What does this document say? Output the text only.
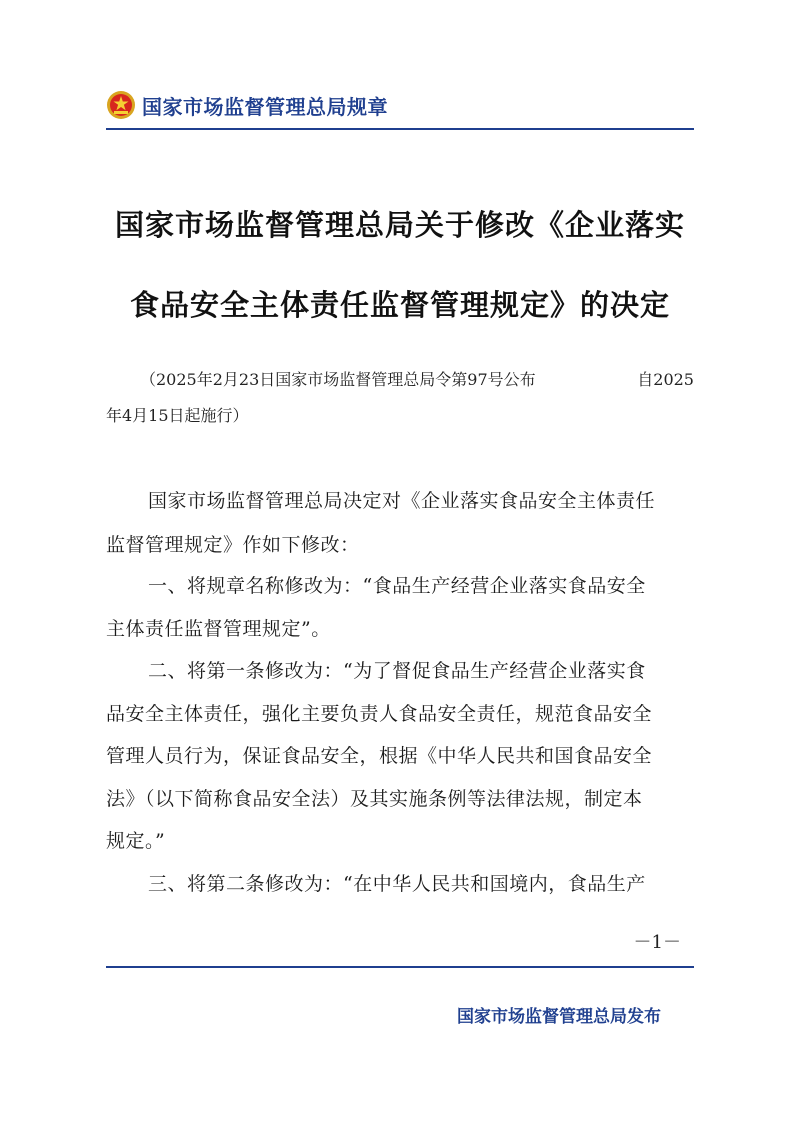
国家市场监督管理总局规章
国家市场监督管理总局关于修改《企业落实
食品安全主体责任监督管理规定》的决定
（2025年2月23日国家市场监督管理总局令第97号公布	自2025
年4月15日起施行）
国家市场监督管理总局决定对《企业落实食品安全主体责任
监督管理规定》作如下修改：
一、将规章名称修改为：“食品生产经营企业落实食品安全
主体责任监督管理规定”。
二、将第一条修改为：“为了督促食品生产经营企业落实食
品安全主体责任，强化主要负责人食品安全责任，规范食品安全
管理人员行为，保证食品安全，根据《中华人民共和国食品安全
法》（以下简称食品安全法）及其实施条例等法律法规，制定本
规定。”
三、将第二条修改为：“在中华人民共和国境内，食品生产
－1－
国家市场监督管理总局发布
